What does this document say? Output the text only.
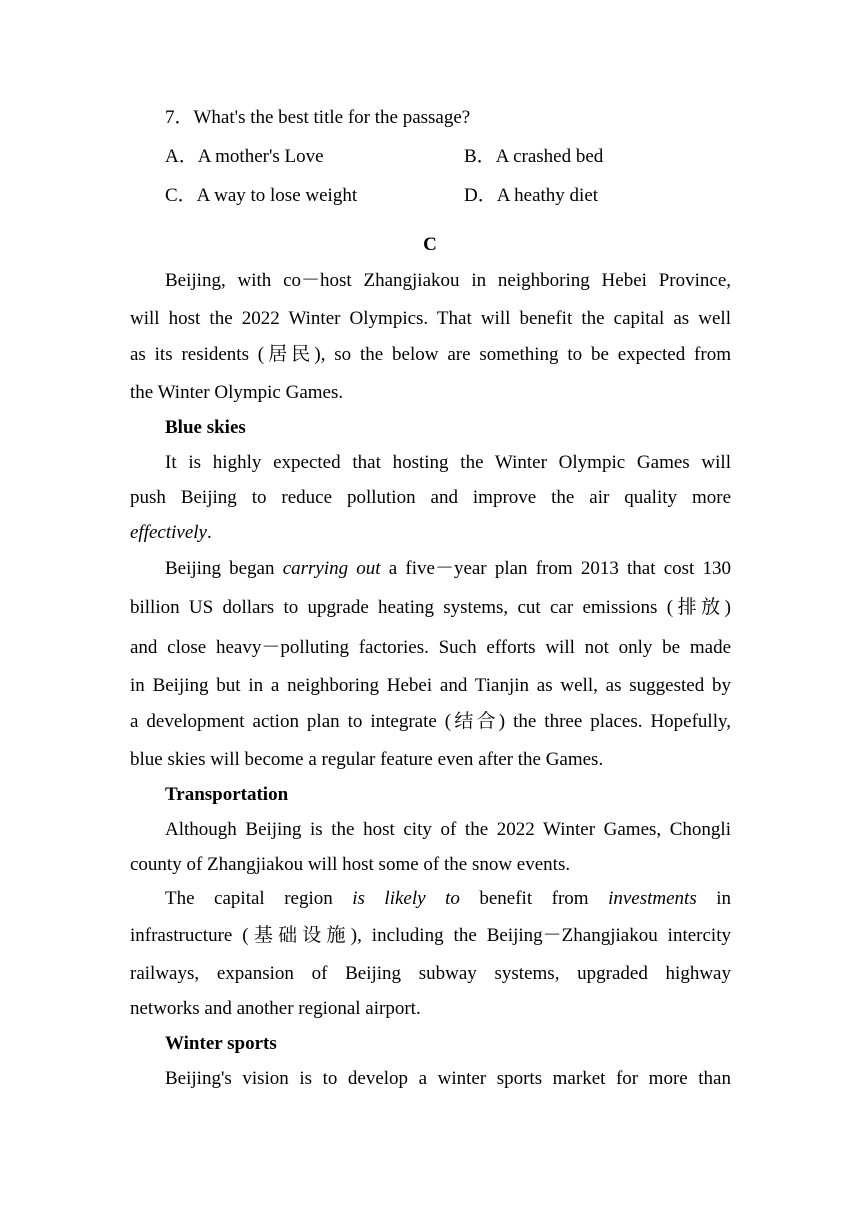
7．What's the best title for the passage?
A．A mother's Love	B．A crashed bed
C．A way to lose weight	D．A heathy diet
C
Beijing, with co－host Zhangjiakou in neighboring Hebei Province,
will host the 2022 Winter Olympics. That will benefit the capital as well
as its residents (居民), so the below are something to be expected from
the Winter Olympic Games.
Blue skies
It is highly expected that hosting the Winter Olympic Games will
push Beijing to reduce pollution and improve the air quality more
effectively.
Beijing began carrying out a five－year plan from 2013 that cost 130
billion US dollars to upgrade heating systems, cut car emissions (排放)
and close heavy－polluting factories. Such efforts will not only be made
in Beijing but in a neighboring Hebei and Tianjin as well, as suggested by
a development action plan to integrate (结合) the three places. Hopefully,
blue skies will become a regular feature even after the Games.
Transportation
Although Beijing is the host city of the 2022 Winter Games, Chongli
county of Zhangjiakou will host some of the snow events.
The capital region is likely to benefit from investments in
infrastructure (基础设施), including the Beijing－Zhangjiakou intercity
railways, expansion of Beijing subway systems, upgraded highway
networks and another regional airport.
Winter sports
Beijing's vision is to develop a winter sports market for more than
